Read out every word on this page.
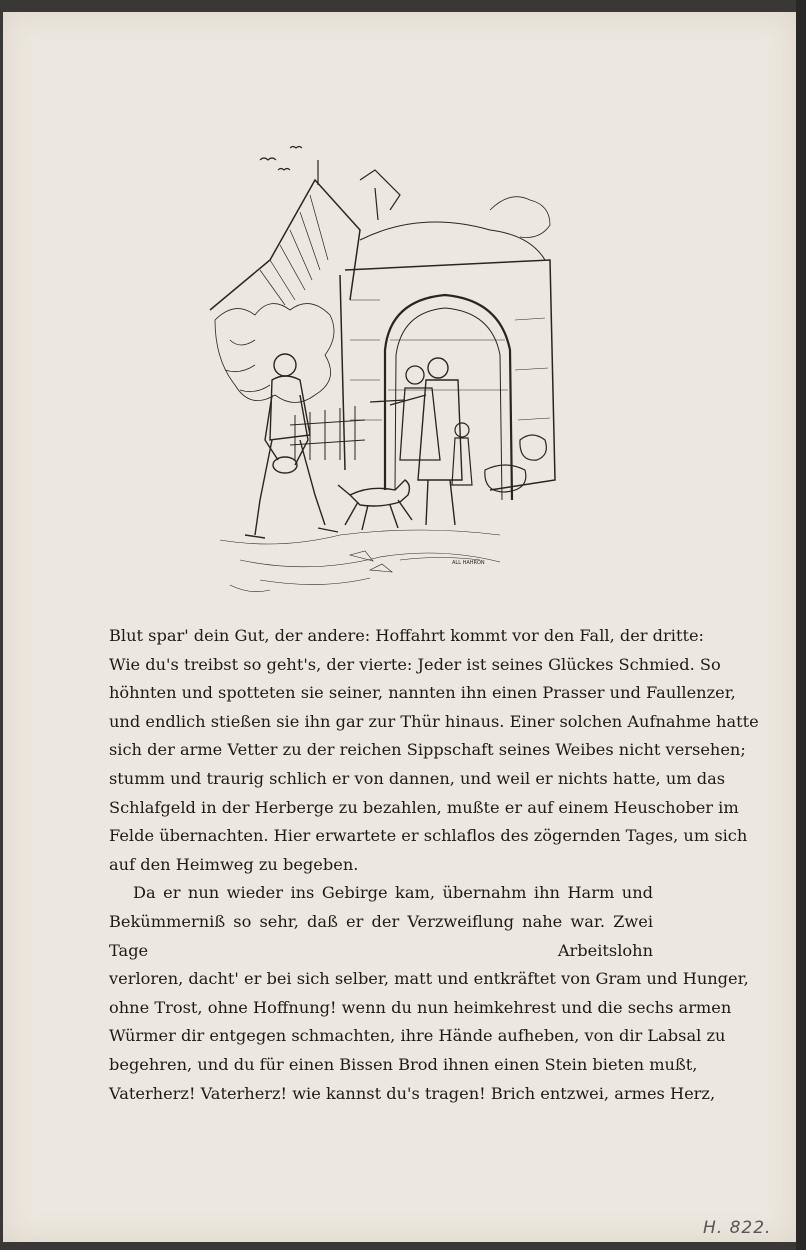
ALL HAHRON

Blut spar' dein Gut, der andere: Hoffahrt kommt vor den Fall, der dritte:
Wie du's treibst so geht's, der vierte: Jeder ist seines Glückes Schmied. So
höhnten und spotteten sie seiner, nannten ihn einen Prasser und Faullenzer,
und endlich stießen sie ihn gar zur Thür hinaus. Einer solchen Aufnahme hatte
sich der arme Vetter zu der reichen Sippschaft seines Weibes nicht versehen;
stumm und traurig schlich er von dannen, und weil er nichts hatte, um das
Schlafgeld in der Herberge zu bezahlen, mußte er auf einem Heuschober im
Felde übernachten. Hier erwartete er schlaflos des zögernden Tages, um sich
auf den Heimweg zu begeben.

Da er nun wieder ins Gebirge kam, übernahm ihn Harm und Bekümmerniß so sehr, daß er der Verzweiflung nahe war. Zwei Tage Arbeitslohn
verloren, dacht' er bei sich selber, matt und entkräftet von Gram und Hunger,
ohne Trost, ohne Hoffnung! wenn du nun heimkehrest und die sechs armen
Würmer dir entgegen schmachten, ihre Hände aufheben, von dir Labsal zu
begehren, und du für einen Bissen Brod ihnen einen Stein bieten mußt,
Vaterherz! Vaterherz! wie kannst du's tragen! Brich entzwei, armes Herz,

H. 822.
